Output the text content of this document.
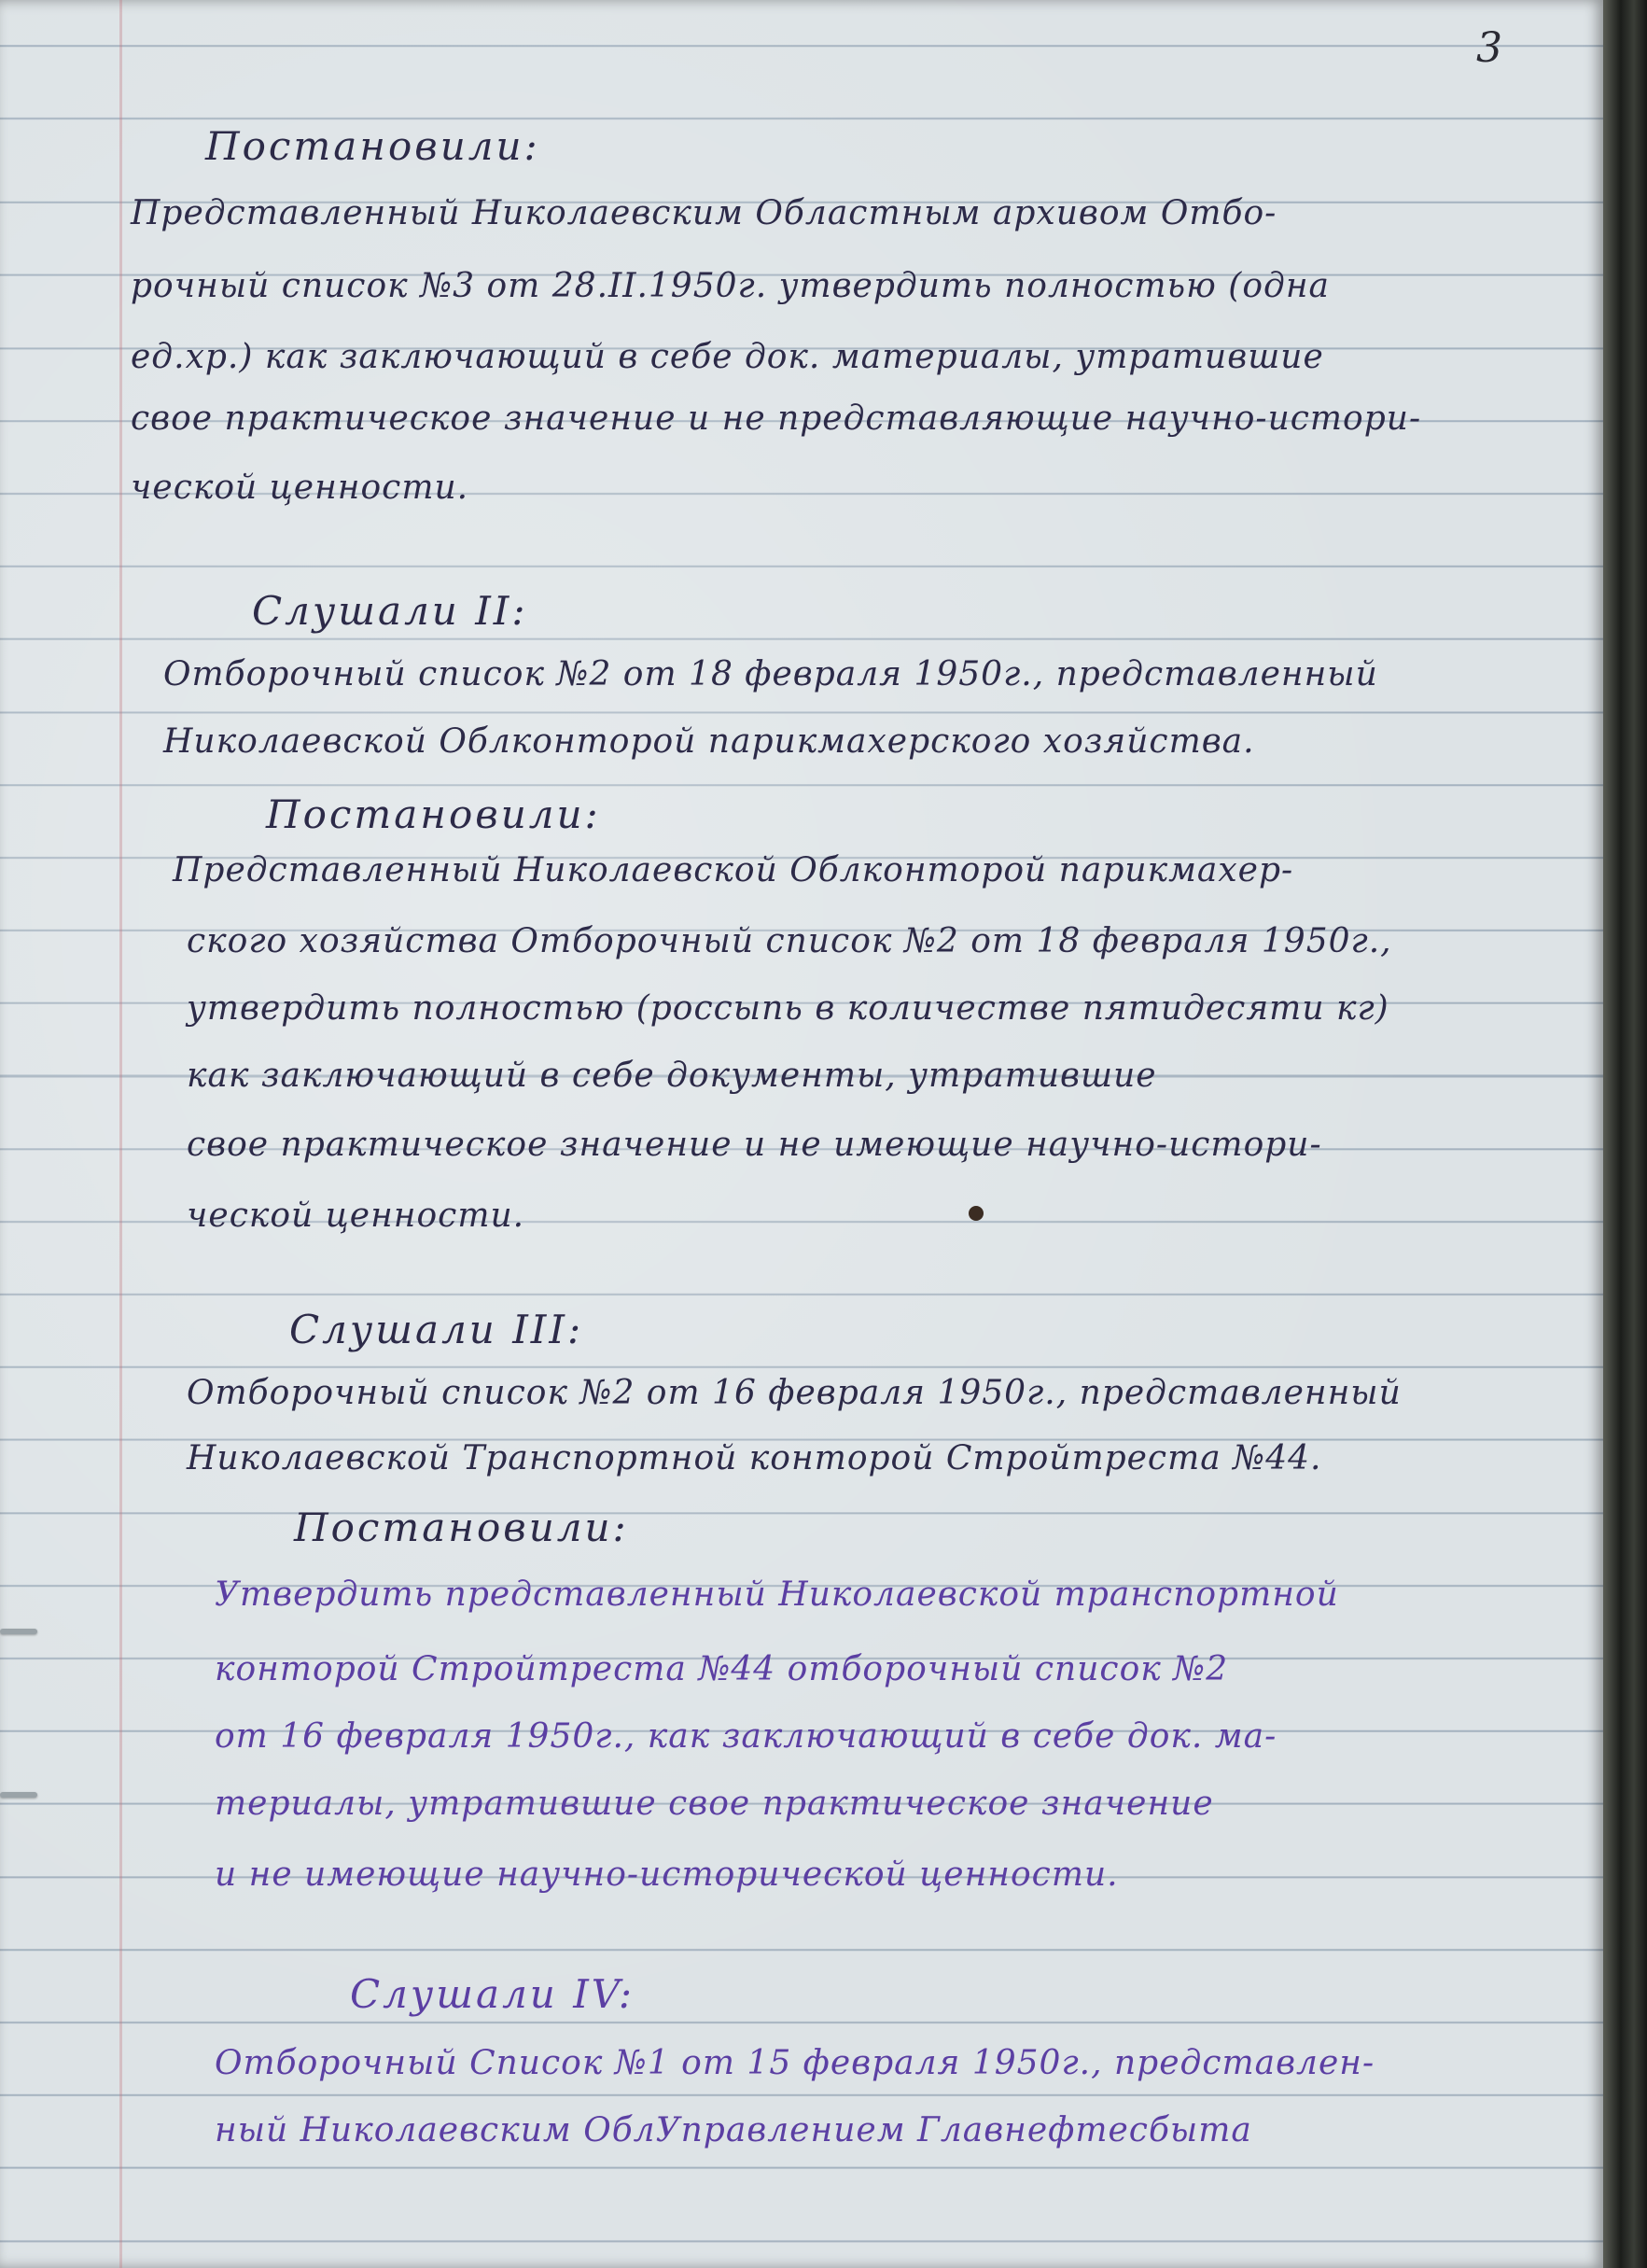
3
Постановили:
Представленный Николаевским Областным архивом Отбо-
рочный список №3 от 28.II.1950г. утвердить полностью (одна
ед.хр.) как заключающий в себе док. материалы, утратившие
свое практическое значение и не представляющие научно-истори-
ческой ценности.
Слушали II:
Отборочный список №2 от 18 февраля 1950г., представленный
Николаевской Облконторой парикмахерского хозяйства.
Постановили:
Представленный Николаевской Облконторой парикмахер-
ского хозяйства Отборочный список №2 от 18 февраля 1950г.,
утвердить полностью (россыпь в количестве пятидесяти кг)
как заключающий в себе документы, утратившие
свое практическое значение и не имеющие научно-истори-
ческой ценности.
Слушали III:
Отборочный список №2 от 16 февраля 1950г., представленный
Николаевской Транспортной конторой Стройтреста №44.
Постановили:
Утвердить представленный Николаевской транспортной
конторой Стройтреста №44 отборочный список №2
от 16 февраля 1950г., как заключающий в себе док. ма-
териалы, утратившие свое практическое значение
и не имеющие научно-исторической ценности.
Слушали IV:
Отборочный Список №1 от 15 февраля 1950г., представлен-
ный Николаевским ОблУправлением Главнефтесбыта
